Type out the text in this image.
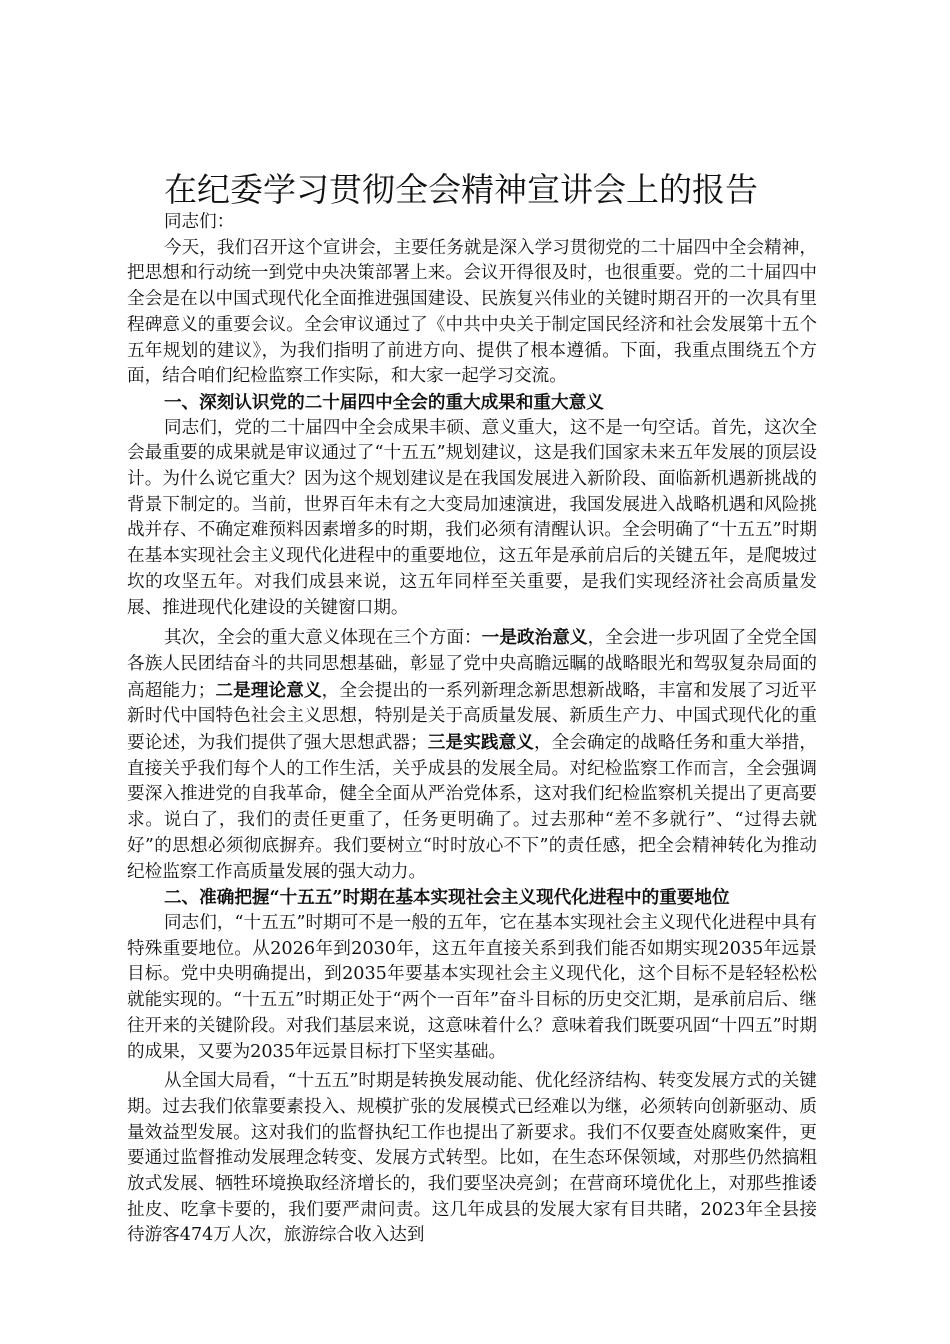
在纪委学习贯彻全会精神宣讲会上的报告

同志们：

今天，我们召开这个宣讲会，主要任务就是深入学习贯彻党的二十届四中全会精神，把思想和行动统一到党中央决策部署上来。会议开得很及时，也很重要。党的二十届四中全会是在以中国式现代化全面推进强国建设、民族复兴伟业的关键时期召开的一次具有里程碑意义的重要会议。全会审议通过了《中共中央关于制定国民经济和社会发展第十五个五年规划的建议》，为我们指明了前进方向、提供了根本遵循。下面，我重点围绕五个方面，结合咱们纪检监察工作实际，和大家一起学习交流。

一、深刻认识党的二十届四中全会的重大成果和重大意义

同志们，党的二十届四中全会成果丰硕、意义重大，这不是一句空话。首先，这次全会最重要的成果就是审议通过了“十五五”规划建议，这是我们国家未来五年发展的顶层设计。为什么说它重大？因为这个规划建议是在我国发展进入新阶段、面临新机遇新挑战的背景下制定的。当前，世界百年未有之大变局加速演进，我国发展进入战略机遇和风险挑战并存、不确定难预料因素增多的时期，我们必须有清醒认识。全会明确了“十五五”时期在基本实现社会主义现代化进程中的重要地位，这五年是承前启后的关键五年，是爬坡过坎的攻坚五年。对我们成县来说，这五年同样至关重要，是我们实现经济社会高质量发展、推进现代化建设的关键窗口期。

其次，全会的重大意义体现在三个方面：一是政治意义，全会进一步巩固了全党全国各族人民团结奋斗的共同思想基础，彰显了党中央高瞻远瞩的战略眼光和驾驭复杂局面的高超能力；二是理论意义，全会提出的一系列新理念新思想新战略，丰富和发展了习近平新时代中国特色社会主义思想，特别是关于高质量发展、新质生产力、中国式现代化的重要论述，为我们提供了强大思想武器；三是实践意义，全会确定的战略任务和重大举措，直接关乎我们每个人的工作生活，关乎成县的发展全局。对纪检监察工作而言，全会强调要深入推进党的自我革命，健全全面从严治党体系，这对我们纪检监察机关提出了更高要求。说白了，我们的责任更重了，任务更明确了。过去那种“差不多就行”、“过得去就好”的思想必须彻底摒弃。我们要树立“时时放心不下”的责任感，把全会精神转化为推动纪检监察工作高质量发展的强大动力。

二、准确把握“十五五”时期在基本实现社会主义现代化进程中的重要地位

同志们，“十五五”时期可不是一般的五年，它在基本实现社会主义现代化进程中具有特殊重要地位。从2026年到2030年，这五年直接关系到我们能否如期实现2035年远景目标。党中央明确提出，到2035年要基本实现社会主义现代化，这个目标不是轻轻松松就能实现的。“十五五”时期正处于“两个一百年”奋斗目标的历史交汇期，是承前启后、继往开来的关键阶段。对我们基层来说，这意味着什么？意味着我们既要巩固“十四五”时期的成果，又要为2035年远景目标打下坚实基础。

从全国大局看，“十五五”时期是转换发展动能、优化经济结构、转变发展方式的关键期。过去我们依靠要素投入、规模扩张的发展模式已经难以为继，必须转向创新驱动、质量效益型发展。这对我们的监督执纪工作也提出了新要求。我们不仅要查处腐败案件，更要通过监督推动发展理念转变、发展方式转型。比如，在生态环保领域，对那些仍然搞粗放式发展、牺牲环境换取经济增长的，我们要坚决亮剑；在营商环境优化上，对那些推诿扯皮、吃拿卡要的，我们要严肃问责。这几年成县的发展大家有目共睹，2023年全县接待游客474万人次，旅游综合收入达到
